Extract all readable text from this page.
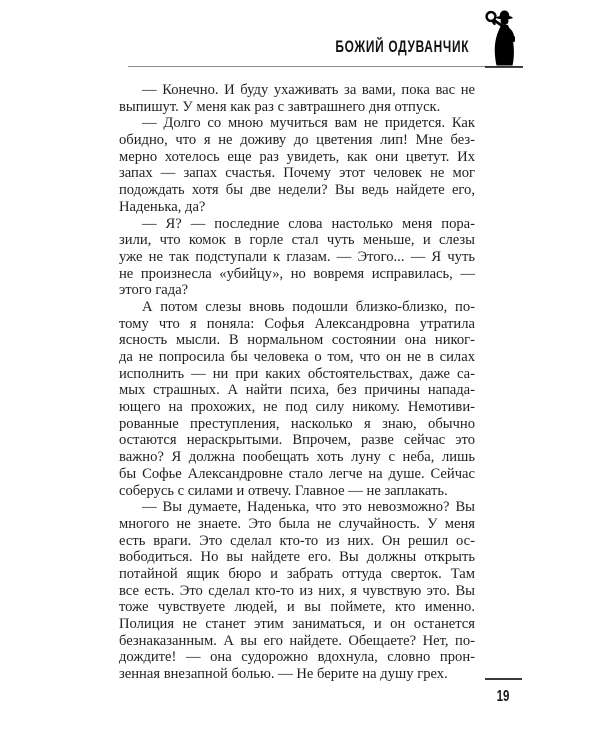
БОЖИЙ ОДУВАНЧИК
— Конечно. И буду ухаживать за вами, пока вас не
выпишут. У меня как раз с завтрашнего дня отпуск.
— Долго со мною мучиться вам не придется. Как
обидно, что я не доживу до цветения лип! Мне без-
мерно хотелось еще раз увидеть, как они цветут. Их
запах — запах счастья. Почему этот человек не мог
подождать хотя бы две недели? Вы ведь найдете его,
Наденька, да?
— Я? — последние слова настолько меня пора-
зили, что комок в горле стал чуть меньше, и слезы
уже не так подступали к глазам. — Этого... — Я чуть
не произнесла «убийцу», но вовремя исправилась, —
этого гада?
А потом слезы вновь подошли близко-близко, по-
тому что я поняла: Софья Александровна утратила
ясность мысли. В нормальном состоянии она никог-
да не попросила бы человека о том, что он не в силах
исполнить — ни при каких обстоятельствах, даже са-
мых страшных. А найти психа, без причины напада-
ющего на прохожих, не под силу никому. Немотиви-
рованные преступления, насколько я знаю, обычно
остаются нераскрытыми. Впрочем, разве сейчас это
важно? Я должна пообещать хоть луну с неба, лишь
бы Софье Александровне стало легче на душе. Сейчас
соберусь с силами и отвечу. Главное — не заплакать.
— Вы думаете, Наденька, что это невозможно? Вы
многого не знаете. Это была не случайность. У меня
есть враги. Это сделал кто-то из них. Он решил ос-
вободиться. Но вы найдете его. Вы должны открыть
потайной ящик бюро и забрать оттуда сверток. Там
все есть. Это сделал кто-то из них, я чувствую это. Вы
тоже чувствуете людей, и вы поймете, кто именно.
Полиция не станет этим заниматься, и он останется
безнаказанным. А вы его найдете. Обещаете? Нет, по-
дождите! — она судорожно вдохнула, словно прон-
зенная внезапной болью. — Не берите на душу грех.
19
